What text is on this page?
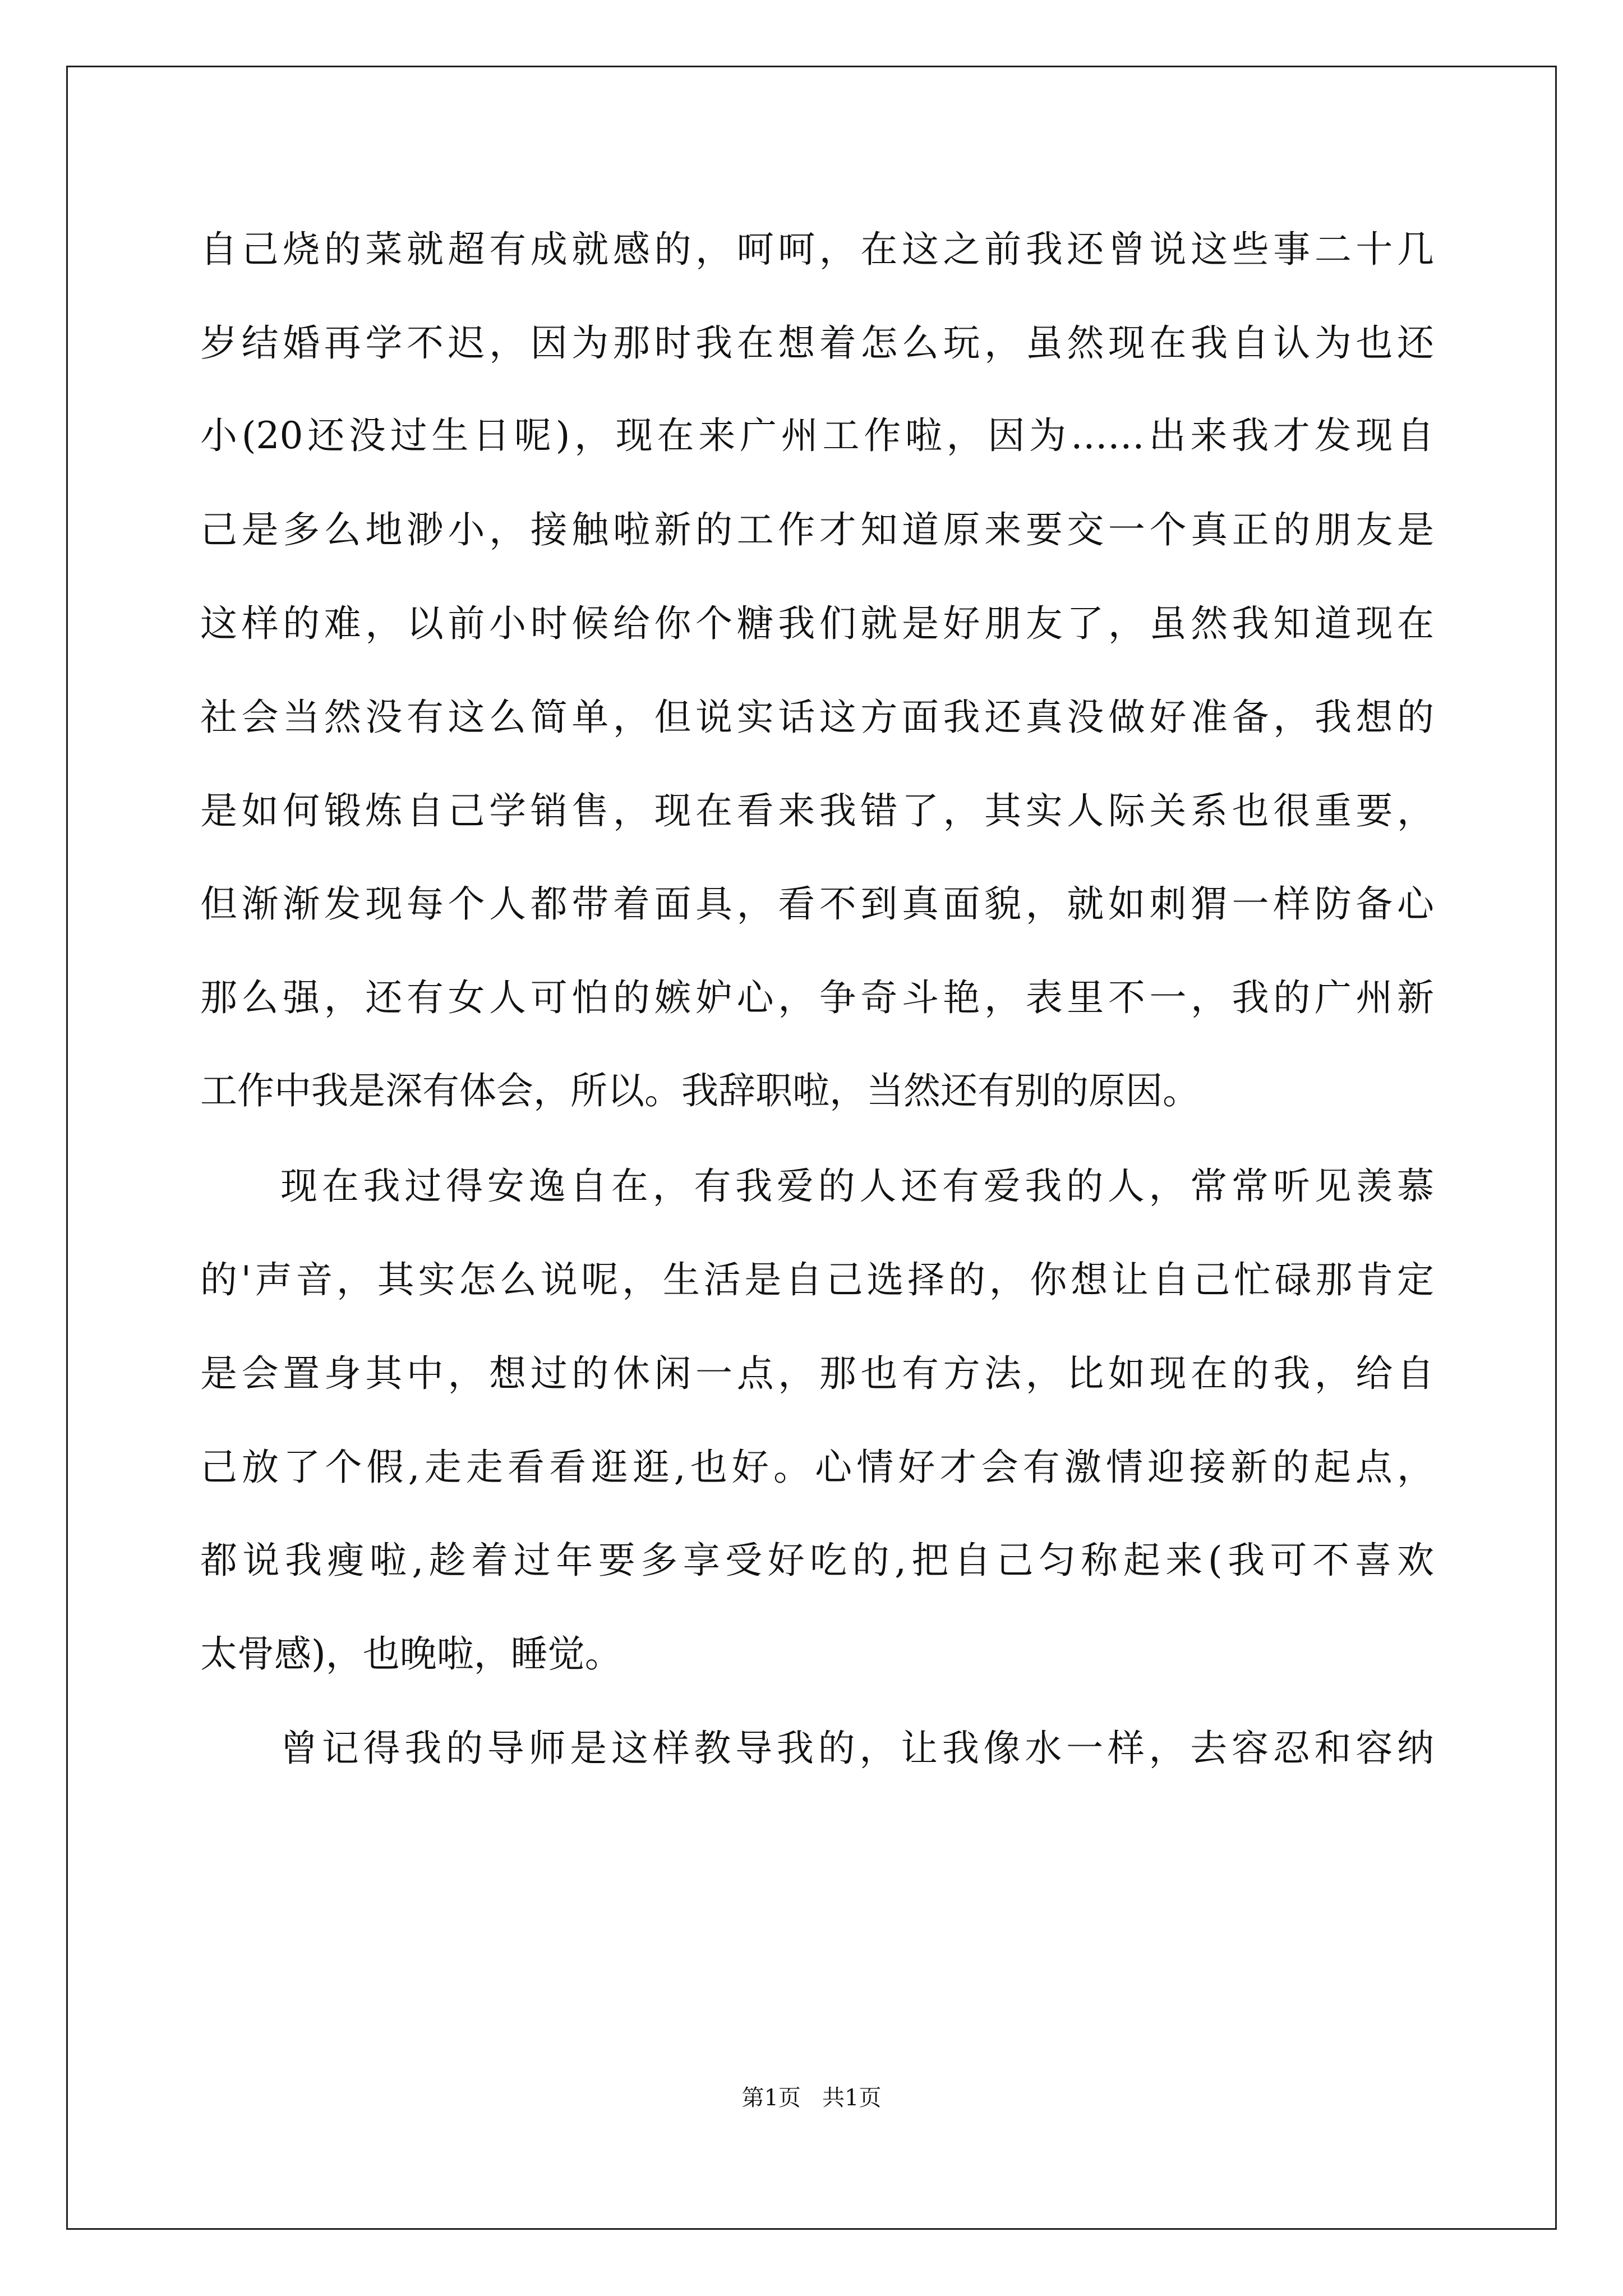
自己烧的菜就超有成就感的，呵呵，在这之前我还曾说这些事二十几
岁结婚再学不迟，因为那时我在想着怎么玩，虽然现在我自认为也还
小(20还没过生日呢)，现在来广州工作啦，因为……出来我才发现自
己是多么地渺小，接触啦新的工作才知道原来要交一个真正的朋友是
这样的难，以前小时候给你个糖我们就是好朋友了，虽然我知道现在
社会当然没有这么简单，但说实话这方面我还真没做好准备，我想的
是如何锻炼自己学销售，现在看来我错了，其实人际关系也很重要，
但渐渐发现每个人都带着面具，看不到真面貌，就如刺猬一样防备心
那么强，还有女人可怕的嫉妒心，争奇斗艳，表里不一，我的广州新
工作中我是深有体会，所以。我辞职啦，当然还有别的原因。
现在我过得安逸自在，有我爱的人还有爱我的人，常常听见羡慕
的'声音，其实怎么说呢，生活是自己选择的，你想让自己忙碌那肯定
是会置身其中，想过的休闲一点，那也有方法，比如现在的我，给自
己放了个假,走走看看逛逛,也好。心情好才会有激情迎接新的起点，
都说我瘦啦,趁着过年要多享受好吃的,把自己匀称起来(我可不喜欢
太骨感)，也晚啦，睡觉。
曾记得我的导师是这样教导我的，让我像水一样，去容忍和容纳
第1页   共1页
